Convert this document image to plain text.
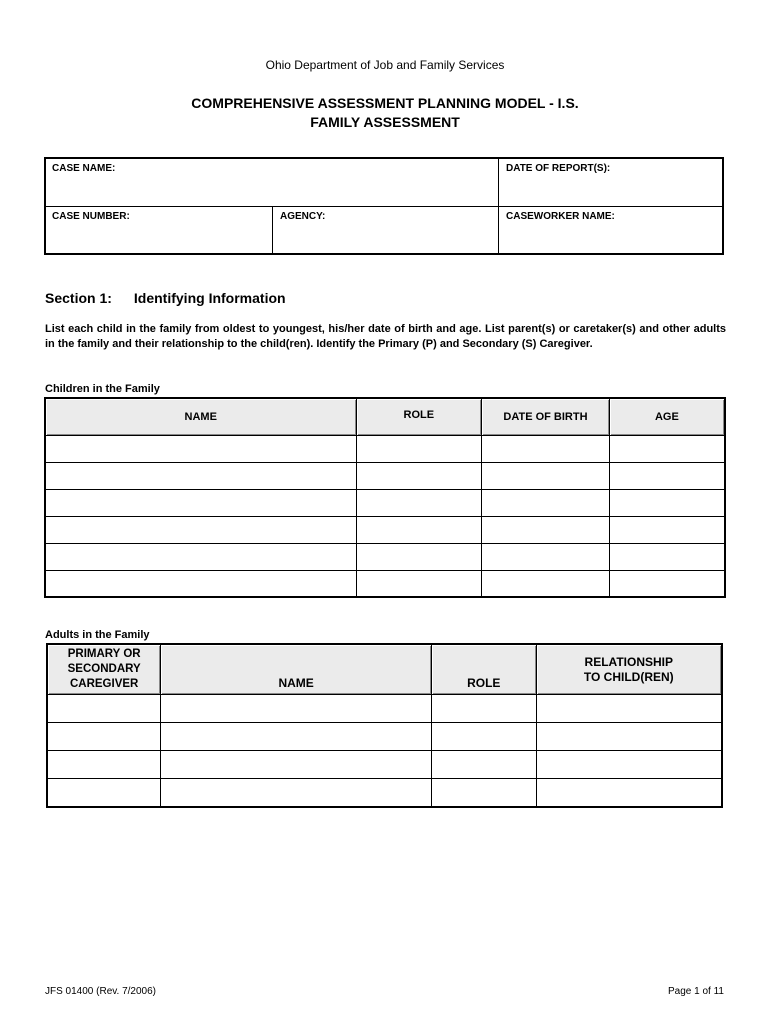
Ohio Department of Job and Family Services
COMPREHENSIVE ASSESSMENT PLANNING MODEL - I.S.
FAMILY ASSESSMENT
CASE NAME:	DATE OF REPORT(S):
CASE NUMBER:	AGENCY:	CASEWORKER NAME:
Section 1: Identifying Information
List each child in the family from oldest to youngest, his/her date of birth and age. List parent(s) or caretaker(s) and other adults in the family and their relationship to the child(ren). Identify the Primary (P) and Secondary (S) Caregiver.
Children in the Family
NAME	ROLE	DATE OF BIRTH	AGE

Adults in the Family
PRIMARY OR SECONDARY CAREGIVER	NAME	ROLE	RELATIONSHIP TO CHILD(REN)

JFS 01400 (Rev. 7/2006)	Page 1 of 11
